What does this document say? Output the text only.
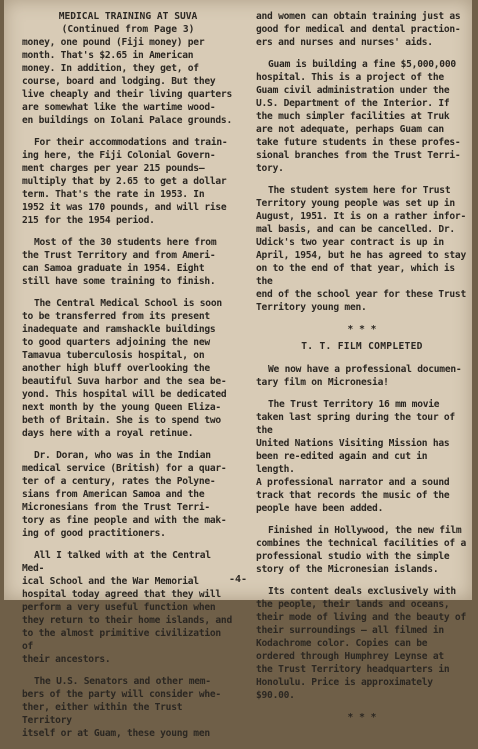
MEDICAL TRAINING AT SUVA
(Continued from Page 3)

money, one pound (Fiji money) per
month. That's $2.65 in American
money. In addition, they get, of
course, board and lodging. But they
live cheaply and their living quarters
are somewhat like the wartime wood-
en buildings on Iolani Palace grounds.

For their accommodations and train-
ing here, the Fiji Colonial Govern-
ment charges per year 215 pounds—
multiply that by 2.65 to get a dollar
term. That's the rate in 1953. In
1952 it was 170 pounds, and will rise
215 for the 1954 period.

Most of the 30 students here from
the Trust Territory and from Ameri-
can Samoa graduate in 1954. Eight
still have some training to finish.

The Central Medical School is soon
to be transferred from its present
inadequate and ramshackle buildings
to good quarters adjoining the new
Tamavua tuberculosis hospital, on
another high bluff overlooking the
beautiful Suva harbor and the sea be-
yond. This hospital will be dedicated
next month by the young Queen Eliza-
beth of Britain. She is to spend two
days here with a royal retinue.

Dr. Doran, who was in the Indian
medical service (British) for a quar-
ter of a century, rates the Polyne-
sians from American Samoa and the
Micronesians from the Trust Terri-
tory as fine people and with the mak-
ing of good practitioners.

All I talked with at the Central Med-
ical School and the War Memorial
hospital today agreed that they will
perform a very useful function when
they return to their home islands, and
to the almost primitive civilization of
their ancestors.

The U.S. Senators and other mem-
bers of the party will consider whe-
ther, either within the Trust Territory
itself or at Guam, these young men

and women can obtain training just as
good for medical and dental praction-
ers and nurses and nurses' aids.

Guam is building a fine $5,000,000
hospital. This is a project of the
Guam civil administration under the
U.S. Department of the Interior. If
the much simpler facilities at Truk
are not adequate, perhaps Guam can
take future students in these profes-
sional branches from the Trust Terri-
tory.

The student system here for Trust
Territory young people was set up in
August, 1951. It is on a rather infor-
mal basis, and can be cancelled. Dr.
Udick's two year contract is up in
April, 1954, but he has agreed to stay
on to the end of that year, which is the
end of the school year for these Trust
Territory young men.

* * *
T. T. FILM COMPLETED

We now have a professional documen-
tary film on Micronesia!

The Trust Territory 16 mm movie
taken last spring during the tour of the
United Nations Visiting Mission has
been re-edited again and cut in length.
A professional narrator and a sound
track that records the music of the
people have been added.

Finished in Hollywood, the new film
combines the technical facilities of a
professional studio with the simple
story of the Micronesian islands.

Its content deals exclusively with
the people, their lands and oceans,
their mode of living and the beauty of
their surroundings — all filmed in
Kodachrome color. Copies can be
ordered through Humphrey Leynse at
the Trust Territory headquarters in
Honolulu. Price is approximately
$90.00.

* * *
-4-
